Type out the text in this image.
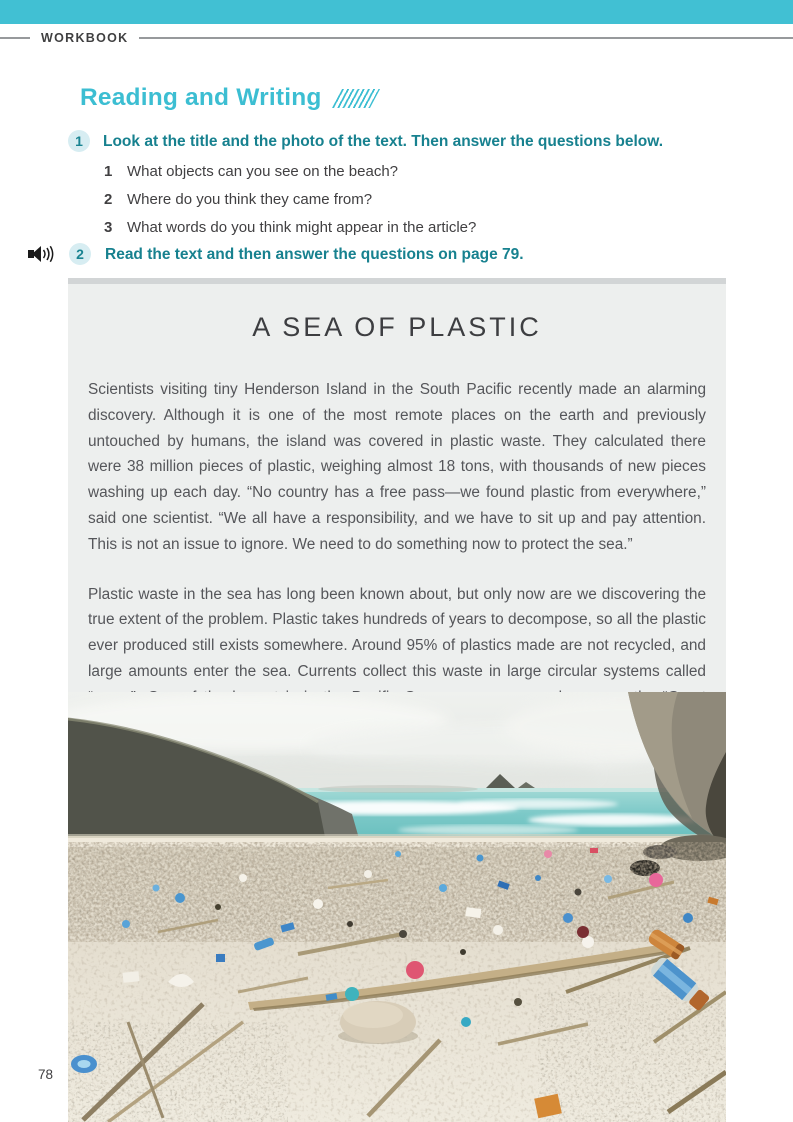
WORKBOOK
Reading and Writing
1	Look at the title and the photo of the text. Then answer the questions below.
1 What objects can you see on the beach?
2 Where do you think they came from?
3 What words do you think might appear in the article?
2	Read the text and then answer the questions on page 79.
A SEA OF PLASTIC

Scientists visiting tiny Henderson Island in the South Pacific recently made an alarming discovery. Although it is one of the most remote places on the earth and previously untouched by humans, the island was covered in plastic waste. They calculated there were 38 million pieces of plastic, weighing almost 18 tons, with thousands of new pieces washing up each day. “No country has a free pass—we found plastic from everywhere,” said one scientist. “We all have a responsibility, and we have to sit up and pay attention. This is not an issue to ignore. We need to do something now to protect the sea.”

Plastic waste in the sea has long been known about, but only now are we discovering the true extent of the problem. Plastic takes hundreds of years to decompose, so all the plastic ever produced still exists somewhere. Around 95% of plastics made are not recycled, and large amounts enter the sea. Currents collect this waste in large circular systems called

78
